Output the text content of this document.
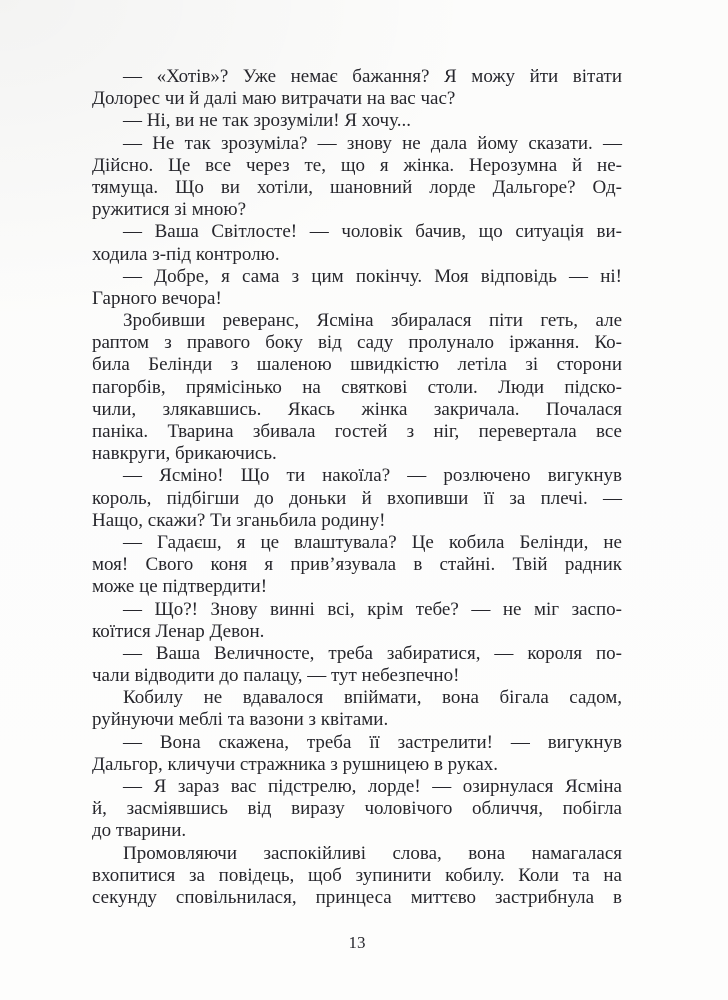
— «Хотів»? Уже немає бажання? Я можу йти вітати
Долорес чи й далі маю витрачати на вас час?
— Ні, ви не так зрозуміли! Я хочу...
— Не так зрозуміла? — знову не дала йому сказати. —
Дійсно. Це все через те, що я жінка. Нерозумна й не-
тямуща. Що ви хотіли, шановний лорде Дальгоре? Од-
ружитися зі мною?
— Ваша Світлосте! — чоловік бачив, що ситуація ви-
ходила з-під контролю.
— Добре, я сама з цим покінчу. Моя відповідь — ні!
Гарного вечора!
Зробивши реверанс, Ясміна збиралася піти геть, але
раптом з правого боку від саду пролунало іржання. Ко-
била Белінди з шаленою швидкістю летіла зі сторони
пагорбів, прямісінько на святкові столи. Люди підско-
чили, злякавшись. Якась жінка закричала. Почалася
паніка. Тварина збивала гостей з ніг, перевертала все
навкруги, брикаючись.
— Ясміно! Що ти накоїла? — розлючено вигукнув
король, підбігши до доньки й вхопивши її за плечі. —
Нащо, скажи? Ти зганьбила родину!
— Гадаєш, я це влаштувала? Це кобила Белінди, не
моя! Свого коня я прив’язувала в стайні. Твій радник
може це підтвердити!
— Що?! Знову винні всі, крім тебе? — не міг заспо-
коїтися Ленар Девон.
— Ваша Величносте, треба забиратися, — короля по-
чали відводити до палацу, — тут небезпечно!
Кобилу не вдавалося впіймати, вона бігала садом,
руйнуючи меблі та вазони з квітами.
— Вона скажена, треба її застрелити! — вигукнув
Дальгор, кличучи стражника з рушницею в руках.
— Я зараз вас підстрелю, лорде! — озирнулася Ясміна
й, засміявшись від виразу чоловічого обличчя, побігла
до тварини.
Промовляючи заспокійливі слова, вона намагалася
вхопитися за повідець, щоб зупинити кобилу. Коли та на
секунду сповільнилася, принцеса миттєво застрибнула в
13
